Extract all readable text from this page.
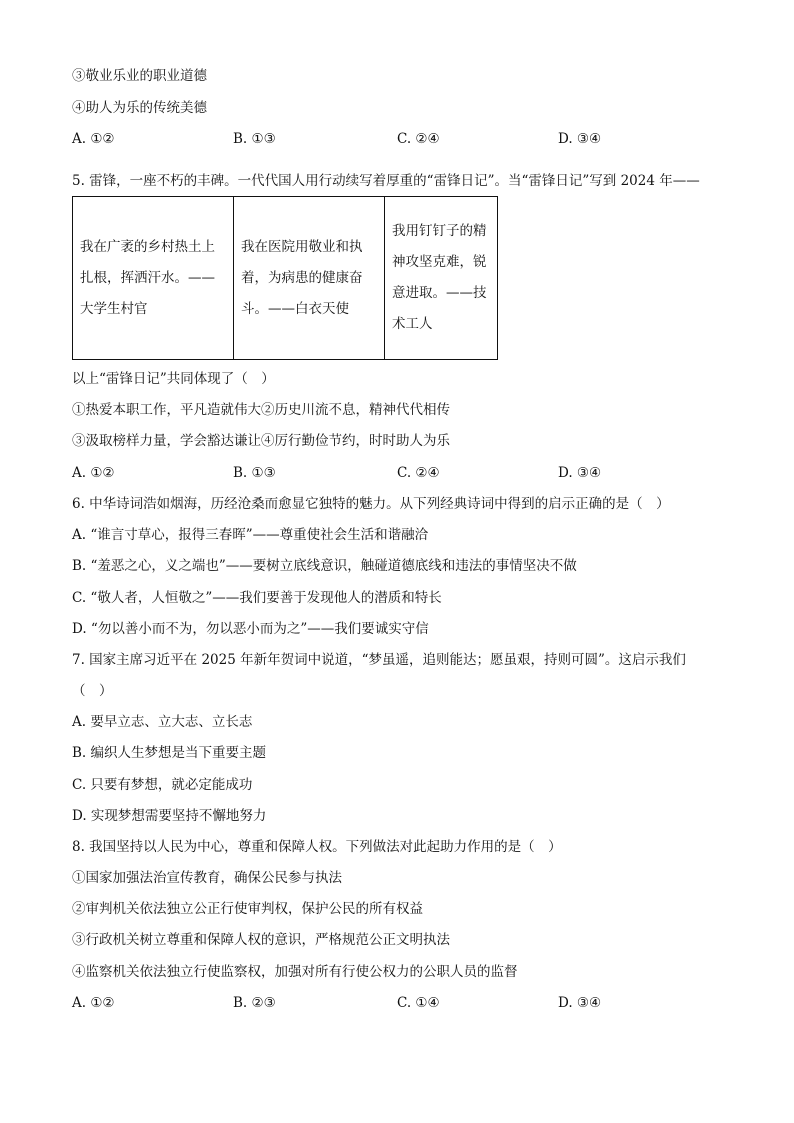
③敬业乐业的职业道德
④助人为乐的传统美德
A. ①②	B. ①③	C. ②④	D. ③④
5. 雷锋，一座不朽的丰碑。一代代国人用行动续写着厚重的“雷锋日记”。当“雷锋日记”写到 2024 年——
我在广袤的乡村热土上扎根，挥洒汗水。——大学生村官	我在医院用敬业和执着，为病患的健康奋斗。——白衣天使	我用钉钉子的精神攻坚克难，锐意进取。——技术工人
以上“雷锋日记”共同体现了（　）
①热爱本职工作，平凡造就伟大②历史川流不息，精神代代相传
③汲取榜样力量，学会豁达谦让④厉行勤俭节约，时时助人为乐
A. ①②	B. ①③	C. ②④	D. ③④
6. 中华诗词浩如烟海，历经沧桑而愈显它独特的魅力。从下列经典诗词中得到的启示正确的是（　）
A. “谁言寸草心，报得三春晖”——尊重使社会生活和谐融洽
B. “羞恶之心，义之端也”——要树立底线意识，触碰道德底线和违法的事情坚决不做
C. “敬人者，人恒敬之”——我们要善于发现他人的潜质和特长
D. “勿以善小而不为，勿以恶小而为之”——我们要诚实守信
7. 国家主席习近平在 2025 年新年贺词中说道，“梦虽遥，追则能达；愿虽艰，持则可圆”。这启示我们
（　）
A. 要早立志、立大志、立长志
B. 编织人生梦想是当下重要主题
C. 只要有梦想，就必定能成功
D. 实现梦想需要坚持不懈地努力
8. 我国坚持以人民为中心，尊重和保障人权。下列做法对此起助力作用的是（　）
①国家加强法治宣传教育，确保公民参与执法
②审判机关依法独立公正行使审判权，保护公民的所有权益
③行政机关树立尊重和保障人权的意识，严格规范公正文明执法
④监察机关依法独立行使监察权，加强对所有行使公权力的公职人员的监督
A. ①②	B. ②③	C. ①④	D. ③④
